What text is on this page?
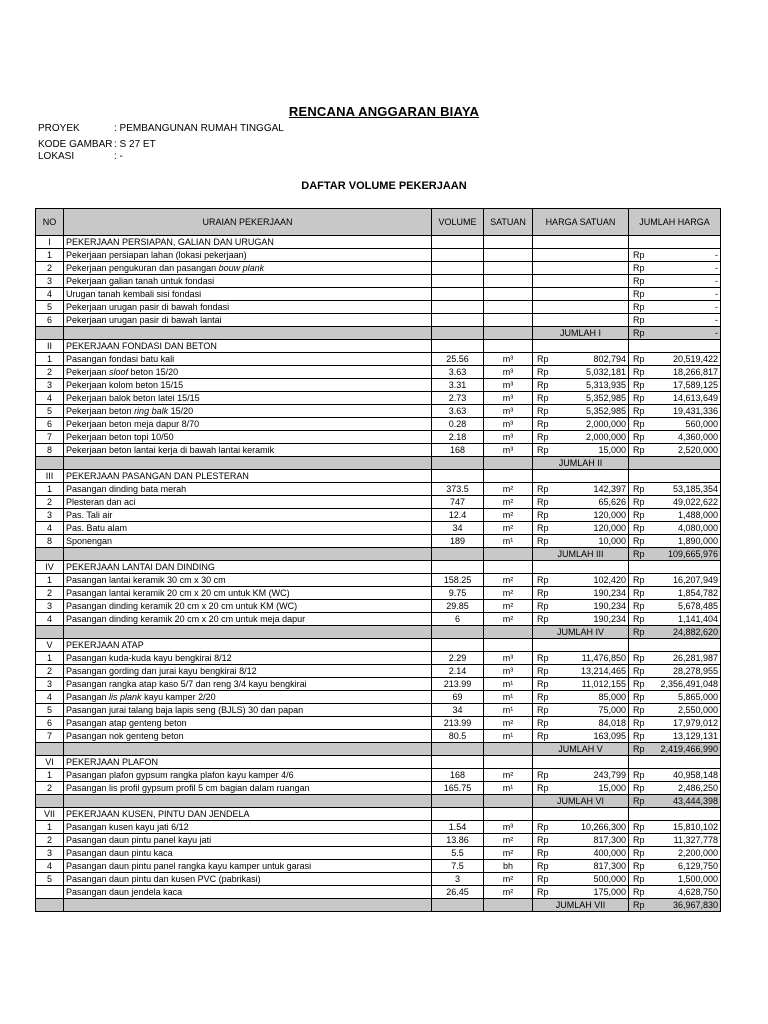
RENCANA ANGGARAN BIAYA
PROYEK	: PEMBANGUNAN RUMAH TINGGAL
KODE GAMBAR : S 27 ET
LOKASI	: -
DAFTAR VOLUME PEKERJAAN
NO	URAIAN PEKERJAAN	VOLUME	SATUAN	HARGA SATUAN	JUMLAH HARGA
I	PEKERJAAN PERSIAPAN, GALIAN DAN URUGAN				
1	Pekerjaan persiapan lahan (lokasi pekerjaan)				Rp -

2	Pekerjaan pengukuran dan pasangan bouw plank				Rp -

3	Pekerjaan galian tanah untuk fondasi				Rp -

4	Urugan tanah kembali sisi fondasi				Rp -

5	Pekerjaan urugan pasir di bawah fondasi				Rp -

6	Pekerjaan urugan pasir di bawah lantai				Rp -

				JUMLAH I	Rp -

II	PEKERJAAN FONDASI DAN BETON				
1	Pasangan fondasi batu kali	25.56	m³	Rp 802,794	Rp 20,519,422

2	Pekerjaan sloof beton 15/20	3.63	m³	Rp 5,032,181	Rp 18,266,817

3	Pekerjaan kolom beton 15/15	3.31	m³	Rp 5,313,935	Rp 17,589,125

4	Pekerjaan balok beton latei 15/15	2.73	m³	Rp 5,352,985	Rp 14,613,649

5	Pekerjaan beton ring balk 15/20	3.63	m³	Rp 5,352,985	Rp 19,431,336

6	Pekerjaan beton meja dapur 8/70	0.28	m³	Rp 2,000,000	Rp 560,000

7	Pekerjaan beton topi 10/50	2.18	m³	Rp 2,000,000	Rp 4,360,000

8	Pekerjaan beton lantai kerja di bawah lantai keramik	168	m³	Rp 15,000	Rp 2,520,000

				JUMLAH II	
III	PEKERJAAN PASANGAN DAN PLESTERAN				
1	Pasangan dinding bata merah	373.5	m²	Rp 142,397	Rp 53,185,354

2	Plesteran dan aci	747	m²	Rp 65,626	Rp 49,022,622

3	Pas. Tali air	12.4	m²	Rp 120,000	Rp 1,488,000

4	Pas. Batu alam	34	m²	Rp 120,000	Rp 4,080,000

8	Sponengan	189	m¹	Rp 10,000	Rp 1,890,000

				JUMLAH III	Rp 109,665,976

IV	PEKERJAAN LANTAI DAN DINDING				
1	Pasangan lantai keramik 30 cm x 30 cm	158.25	m²	Rp 102,420	Rp 16,207,949

2	Pasangan lantai keramik 20 cm x 20 cm untuk KM (WC)	9.75	m²	Rp 190,234	Rp 1,854,782

3	Pasangan dinding keramik 20 cm x 20 cm untuk KM (WC)	29.85	m²	Rp 190,234	Rp 5,678,485

4	Pasangan dinding keramik 20 cm x 20 cm untuk meja dapur	6	m²	Rp 190,234	Rp 1,141,404

				JUMLAH IV	Rp 24,882,620

V	PEKERJAAN ATAP				
1	Pasangan kuda-kuda kayu bengkirai 8/12	2.29	m³	Rp 11,476,850	Rp 26,281,987

2	Pasangan gording dan jurai kayu bengkirai 8/12	2.14	m³	Rp 13,214,465	Rp 28,278,955

3	Pasangan rangka atap kaso 5/7 dan reng 3/4 kayu bengkirai	213.99	m¹	Rp 11,012,155	Rp 2,356,491,048

4	Pasangan lis plank kayu kamper 2/20	69	m¹	Rp 85,000	Rp 5,865,000

5	Pasangan jurai talang baja lapis seng (BJLS) 30 dan papan	34	m¹	Rp 75,000	Rp 2,550,000

6	Pasangan atap genteng beton	213.99	m²	Rp 84,018	Rp 17,979,012

7	Pasangan nok genteng beton	80.5	m¹	Rp 163,095	Rp 13,129,131

				JUMLAH V	Rp 2,419,466,990

VI	PEKERJAAN PLAFON				
1	Pasangan plafon gypsum rangka plafon kayu kamper 4/6	168	m²	Rp 243,799	Rp 40,958,148

2	Pasangan lis profil gypsum profil 5 cm bagian dalam ruangan	165.75	m¹	Rp 15,000	Rp 2,486,250

				JUMLAH VI	Rp 43,444,398

VII	PEKERJAAN KUSEN, PINTU DAN JENDELA				
1	Pasangan kusen kayu jati 6/12	1.54	m³	Rp 10,266,300	Rp 15,810,102

2	Pasangan daun pintu panel kayu jati	13.86	m²	Rp 817,300	Rp 11,327,778

3	Pasangan daun pintu kaca	5.5	m²	Rp 400,000	Rp 2,200,000

4	Pasangan daun pintu panel rangka kayu kamper untuk garasi	7.5	bh	Rp 817,300	Rp 6,129,750

5	Pasangan daun pintu dan kusen PVC (pabrikasi)	3	m²	Rp 500,000	Rp 1,500,000

	Pasangan daun jendela kaca	26.45	m²	Rp 175,000	Rp 4,628,750

				JUMLAH VII	Rp 36,967,830
